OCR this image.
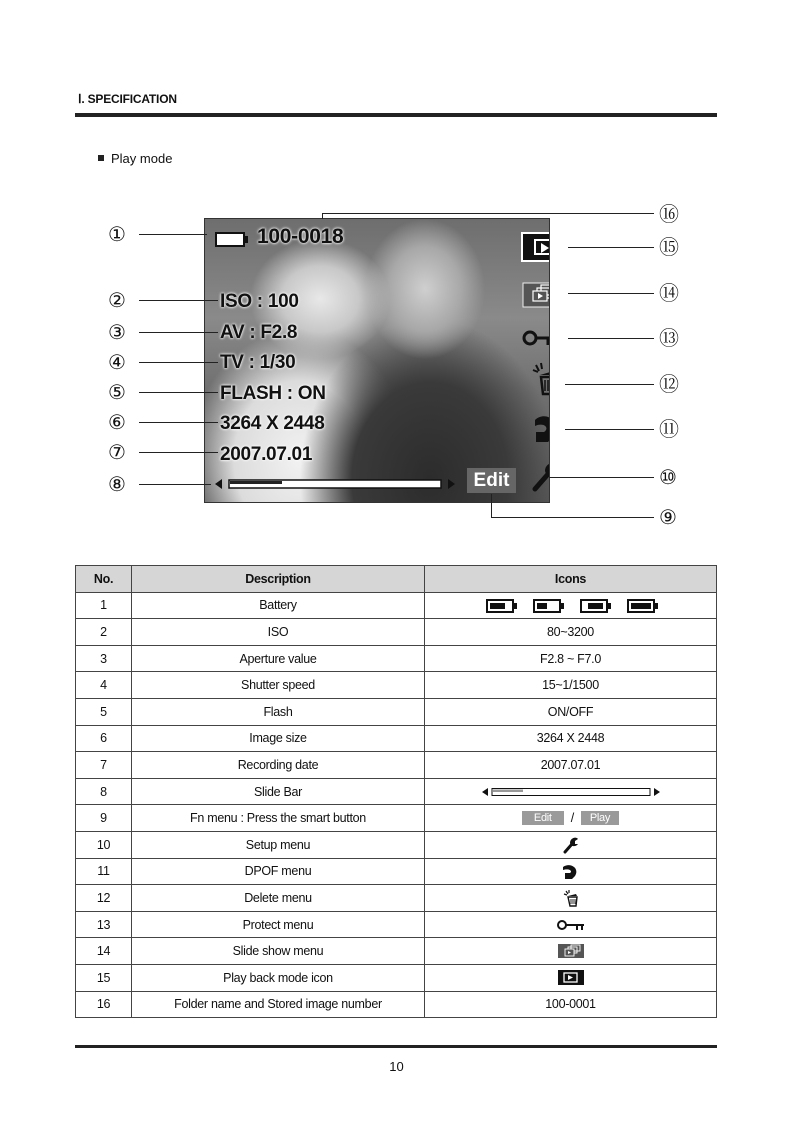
Ⅰ. SPECIFICATION
Play mode
100-0018
ISO : 100
AV : F2.8
TV : 1/30
FLASH : ON
3264 X 2448
2007.07.01
Edit
①
②
③
④
⑤
⑥
⑦
⑧
⑯
⑮
⑭
⑬
⑫
⑪
⑩
⑨
No.	Description	Icons
1	Battery	

2	ISO	80~3200
3	Aperture value	F2.8 ~ F7.0
4	Shutter speed	15~1/1500
5	Flash	ON/OFF
6	Image size	3264 X 2448
7	Recording date	2007.07.01
8	Slide Bar	
9	Fn menu : Press the smart button	Edit / Play
10	Setup menu	
11	DPOF menu	
12	Delete menu	
13	Protect menu	
14	Slide show menu	
15	Play back mode icon	
16	Folder name and Stored image number	100-0001
10
